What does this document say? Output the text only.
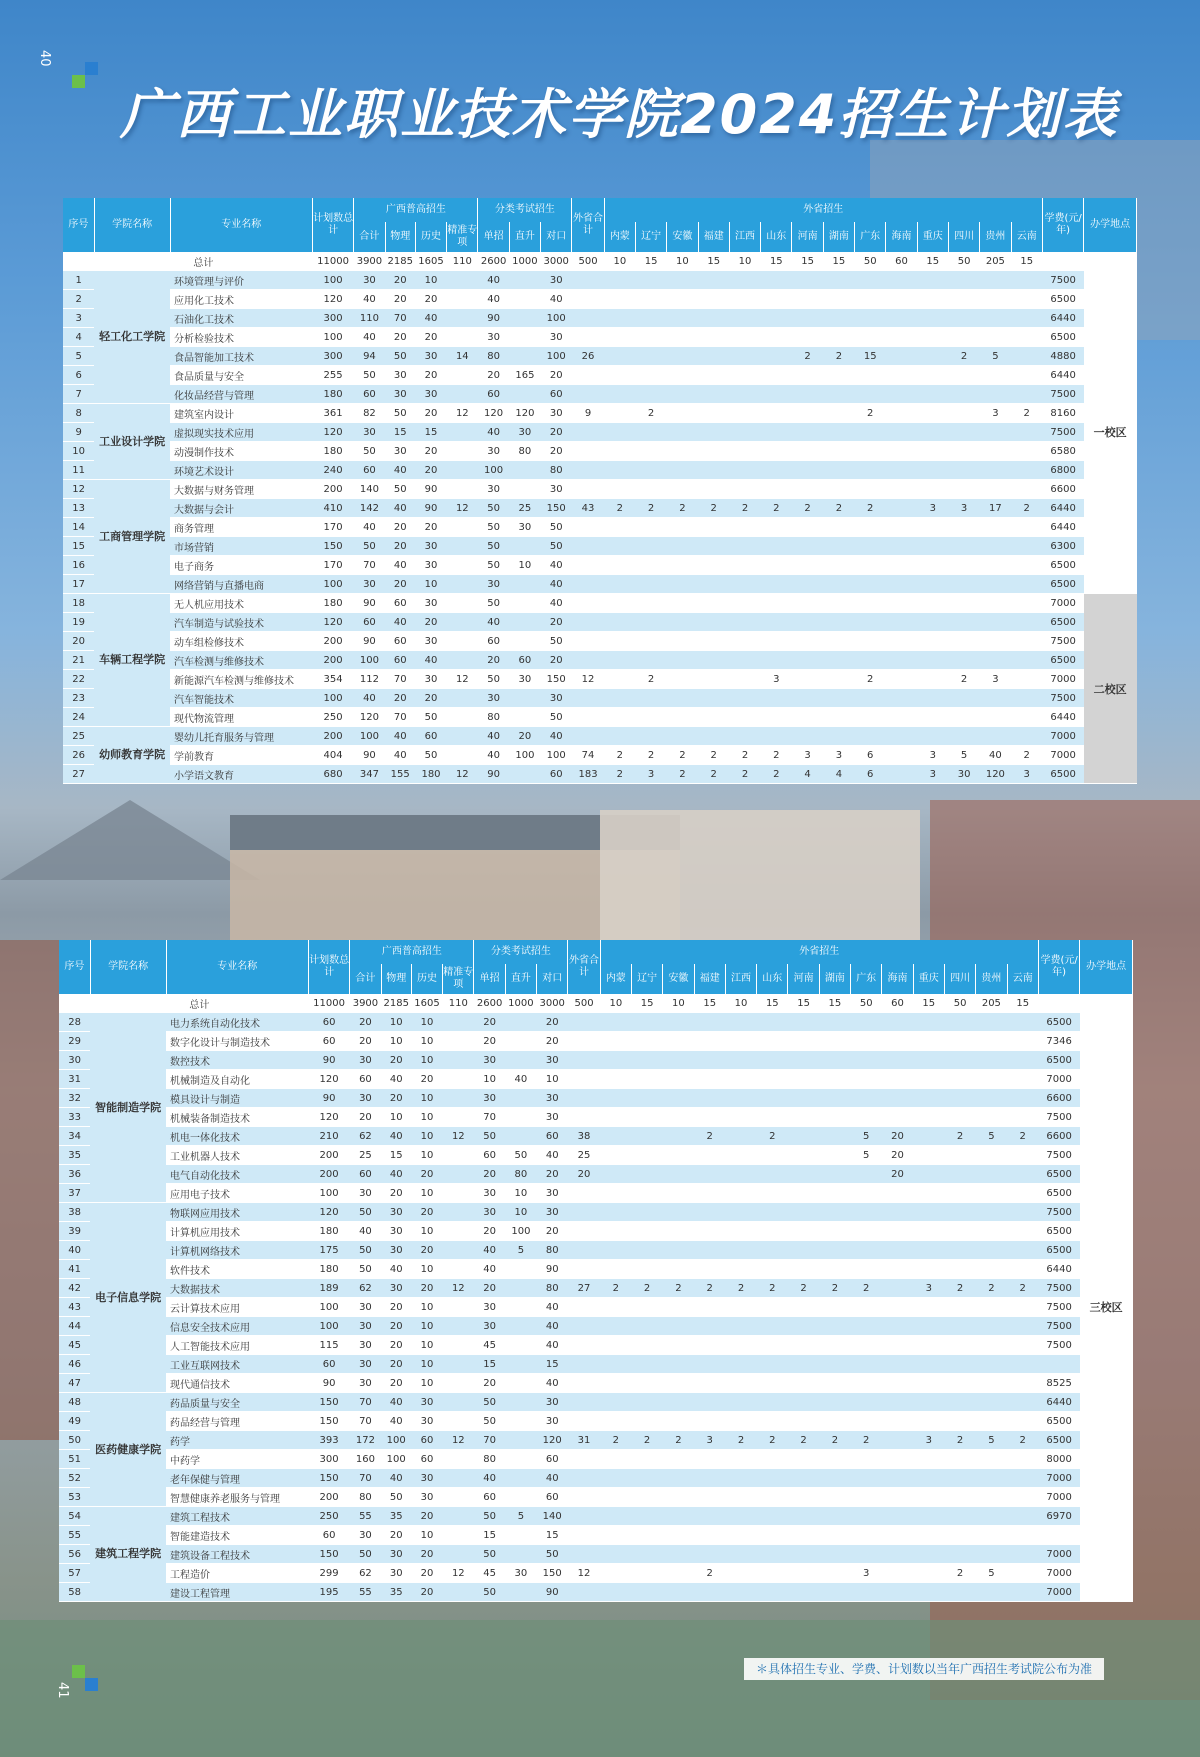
40
广西工业职业技术学院2024招生计划表
序号	学院名称	专业名称	计划数总计	广西普高招生				分类考试招生			外省合计	外省招生														学费(元/年)	办学地点
				合计	物理	历史	精准专项	单招	直升	对口		内蒙	辽宁	安徽	福建	江西	山东	河南	湖南	广东	海南	重庆	四川	贵州	云南		
	总计		11000	3900	2185	1605	110	2600	1000	3000	500	10	15	10	15	10	15	15	15	50	60	15	50	205	15		
1	轻工化工学院	环境管理与评价	100	30	20	10		40		30																7500	一校区
2		应用化工技术	120	40	20	20		40		40																6500	
3		石油化工技术	300	110	70	40		90		100																6440	
4		分析检验技术	100	40	20	20		30		30																6500	
5		食品智能加工技术	300	94	50	30	14	80		100	26							2	2	15			2	5		4880	
6		食品质量与安全	255	50	30	20		20	165	20																6440	
7		化妆品经营与管理	180	60	30	30		60		60																7500	
8	工业设计学院	建筑室内设计	361	82	50	20	12	120	120	30	9		2							2				3	2	8160	
9		虚拟现实技术应用	120	30	15	15		40	30	20																7500	
10		动漫制作技术	180	50	30	20		30	80	20																6580	
11		环境艺术设计	240	60	40	20		100		80																6800	
12	工商管理学院	大数据与财务管理	200	140	50	90		30		30																6600	
13		大数据与会计	410	142	40	90	12	50	25	150	43	2	2	2	2	2	2	2	2	2		3	3	17	2	6440	
14		商务管理	170	40	20	20		50	30	50																6440	
15		市场营销	150	50	20	30		50		50																6300	
16		电子商务	170	70	40	30		50	10	40																6500	
17		网络营销与直播电商	100	30	20	10		30		40																6500	
18	车辆工程学院	无人机应用技术	180	90	60	30		50		40																7000	二校区
19		汽车制造与试验技术	120	60	40	20		40		20																6500	
20		动车组检修技术	200	90	60	30		60		50																7500	
21		汽车检测与维修技术	200	100	60	40		20	60	20																6500	
22		新能源汽车检测与维修技术	354	112	70	30	12	50	30	150	12		2				3			2			2	3		7000	
23		汽车智能技术	100	40	20	20		30		30																7500	
24		现代物流管理	250	120	70	50		80		50																6440	
25	幼师教育学院	婴幼儿托育服务与管理	200	100	40	60		40	20	40																7000	
26		学前教育	404	90	40	50		40	100	100	74	2	2	2	2	2	2	3	3	6		3	5	40	2	7000	
27		小学语文教育	680	347	155	180	12	90		60	183	2	3	2	2	2	2	4	4	6		3	30	120	3	6500	
序号	学院名称	专业名称	计划数总计	广西普高招生				分类考试招生			外省合计	外省招生														学费(元/年)	办学地点
				合计	物理	历史	精准专项	单招	直升	对口		内蒙	辽宁	安徽	福建	江西	山东	河南	湖南	广东	海南	重庆	四川	贵州	云南		
	总计		11000	3900	2185	1605	110	2600	1000	3000	500	10	15	10	15	10	15	15	15	50	60	15	50	205	15		
28	智能制造学院	电力系统自动化技术	60	20	10	10		20		20																6500	三校区
29		数字化设计与制造技术	60	20	10	10		20		20																7346	
30		数控技术	90	30	20	10		30		30																6500	
31		机械制造及自动化	120	60	40	20		10	40	10																7000	
32		模具设计与制造	90	30	20	10		30		30																6600	
33		机械装备制造技术	120	20	10	10		70		30																7500	
34		机电一体化技术	210	62	40	10	12	50		60	38				2		2			5	20		2	5	2	6600	
35		工业机器人技术	200	25	15	10		60	50	40	25									5	20					7500	
36		电气自动化技术	200	60	40	20		20	80	20	20										20					6500	
37		应用电子技术	100	30	20	10		30	10	30																6500	
38	电子信息学院	物联网应用技术	120	50	30	20		30	10	30																7500	
39		计算机应用技术	180	40	30	10		20	100	20																6500	
40		计算机网络技术	175	50	30	20		40	5	80																6500	
41		软件技术	180	50	40	10		40		90																6440	
42		大数据技术	189	62	30	20	12	20		80	27	2	2	2	2	2	2	2	2	2		3	2	2	2	7500	
43		云计算技术应用	100	30	20	10		30		40																7500	
44		信息安全技术应用	100	30	20	10		30		40																7500	
45		人工智能技术应用	115	30	20	10		45		40																7500	
46		工业互联网技术	60	30	20	10		15		15																	
47		现代通信技术	90	30	20	10		20		40																8525	
48	医药健康学院	药品质量与安全	150	70	40	30		50		30																6440	
49		药品经营与管理	150	70	40	30		50		30																6500	
50		药学	393	172	100	60	12	70		120	31	2	2	2	3	2	2	2	2	2		3	2	5	2	6500	
51		中药学	300	160	100	60		80		60																8000	
52		老年保健与管理	150	70	40	30		40		40																7000	
53		智慧健康养老服务与管理	200	80	50	30		60		60																7000	
54	建筑工程学院	建筑工程技术	250	55	35	20		50	5	140																6970	
55		智能建造技术	60	30	20	10		15		15																	
56		建筑设备工程技术	150	50	30	20		50		50																7000	
57		工程造价	299	62	30	20	12	45	30	150	12				2					3			2	5		7000	
58		建设工程管理	195	55	35	20		50		90																7000	
＊具体招生专业、学费、计划数以当年广西招生考试院公布为准
41
